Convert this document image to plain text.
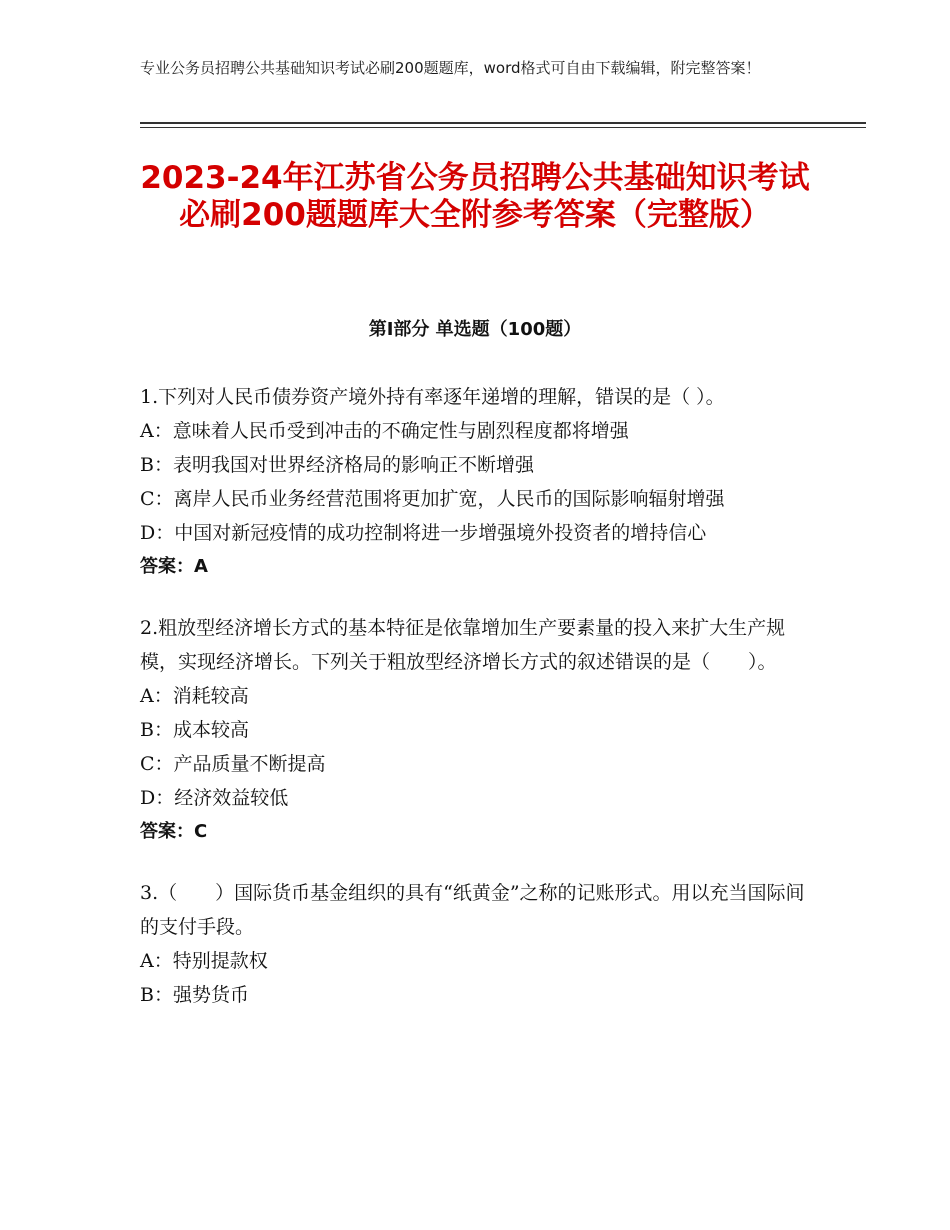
专业公务员招聘公共基础知识考试必刷200题题库，word格式可自由下载编辑，附完整答案！
2023-24年江苏省公务员招聘公共基础知识考试必刷200题题库大全附参考答案（完整版）
第Ⅰ部分 单选题（100题）
1.下列对人民币债券资产境外持有率逐年递增的理解，错误的是（ ）。
A：意味着人民币受到冲击的不确定性与剧烈程度都将增强
B：表明我国对世界经济格局的影响正不断增强
C：离岸人民币业务经营范围将更加扩宽，人民币的国际影响辐射增强
D：中国对新冠疫情的成功控制将进一步增强境外投资者的增持信心
答案：A
2.粗放型经济增长方式的基本特征是依靠增加生产要素量的投入来扩大生产规模，实现经济增长。下列关于粗放型经济增长方式的叙述错误的是（　　）。
A：消耗较高
B：成本较高
C：产品质量不断提高
D：经济效益较低
答案：C
3.（　　）国际货币基金组织的具有“纸黄金”之称的记账形式。用以充当国际间的支付手段。
A：特别提款权
B：强势货币
